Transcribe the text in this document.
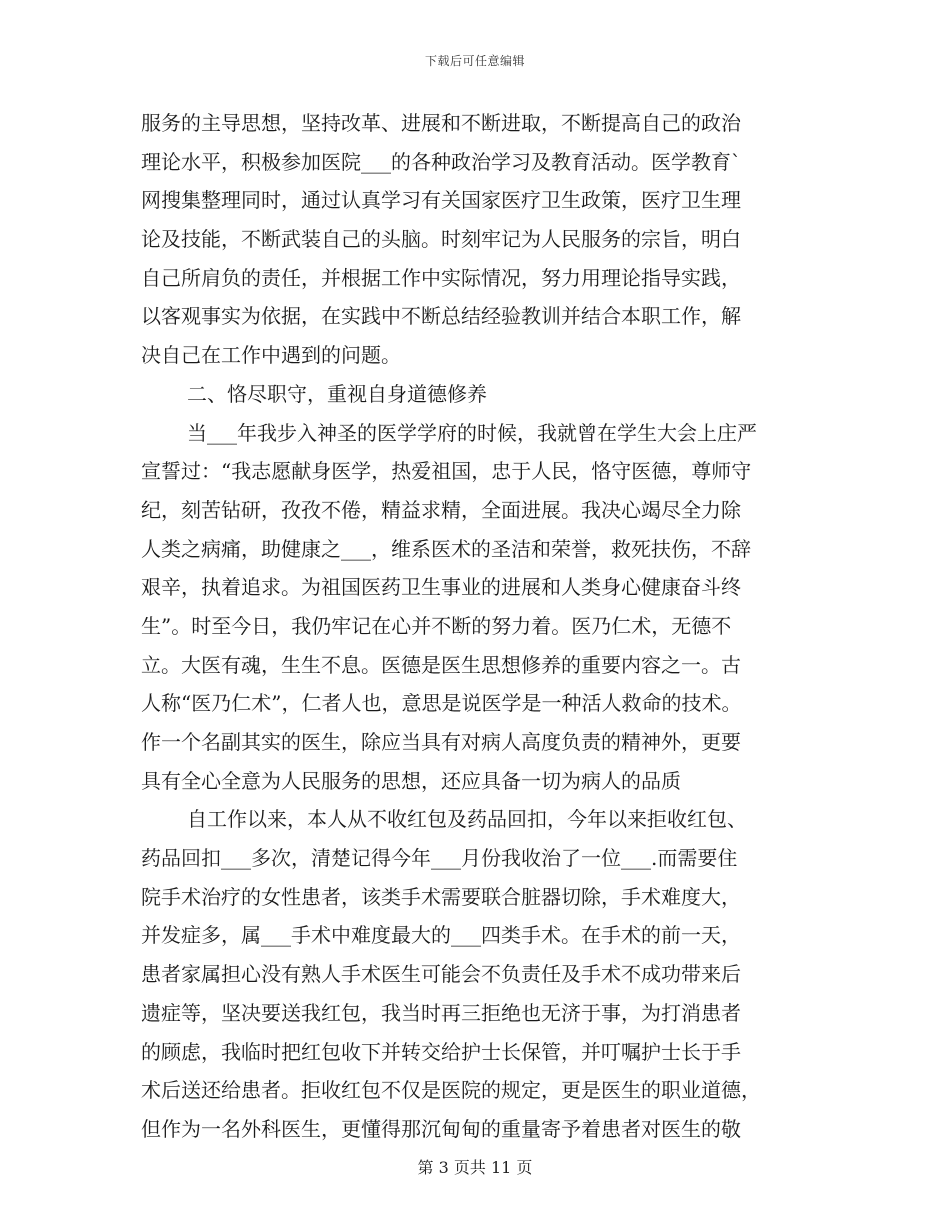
下载后可任意编辑
服务的主导思想，坚持改革、进展和不断进取，不断提高自己的政治
理论水平，积极参加医院___的各种政治学习及教育活动。医学教育`
网搜集整理同时，通过认真学习有关国家医疗卫生政策，医疗卫生理
论及技能，不断武装自己的头脑。时刻牢记为人民服务的宗旨，明白
自己所肩负的责任，并根据工作中实际情况，努力用理论指导实践，
以客观事实为依据，在实践中不断总结经验教训并结合本职工作，解
决自己在工作中遇到的问题。
二、恪尽职守，重视自身道德修养
当___年我步入神圣的医学学府的时候，我就曾在学生大会上庄严
宣誓过：“我志愿献身医学，热爱祖国，忠于人民，恪守医德，尊师守
纪，刻苦钻研，孜孜不倦，精益求精，全面进展。我决心竭尽全力除
人类之病痛，助健康之___，维系医术的圣洁和荣誉，救死扶伤，不辞
艰辛，执着追求。为祖国医药卫生事业的进展和人类身心健康奋斗终
生”。时至今日，我仍牢记在心并不断的努力着。医乃仁术，无德不
立。大医有魂，生生不息。医德是医生思想修养的重要内容之一。古
人称“医乃仁术”，仁者人也，意思是说医学是一种活人救命的技术。
作一个名副其实的医生，除应当具有对病人高度负责的精神外，更要
具有全心全意为人民服务的思想，还应具备一切为病人的品质
自工作以来，本人从不收红包及药品回扣，今年以来拒收红包、
药品回扣___多次，清楚记得今年___月份我收治了一位___.而需要住
院手术治疗的女性患者，该类手术需要联合脏器切除，手术难度大，
并发症多，属___手术中难度最大的___四类手术。在手术的前一天，
患者家属担心没有熟人手术医生可能会不负责任及手术不成功带来后
遗症等，坚决要送我红包，我当时再三拒绝也无济于事，为打消患者
的顾虑，我临时把红包收下并转交给护士长保管，并叮嘱护士长于手
术后送还给患者。拒收红包不仅是医院的规定，更是医生的职业道德，
但作为一名外科医生，更懂得那沉甸甸的重量寄予着患者对医生的敬
第 3 页共 11 页
